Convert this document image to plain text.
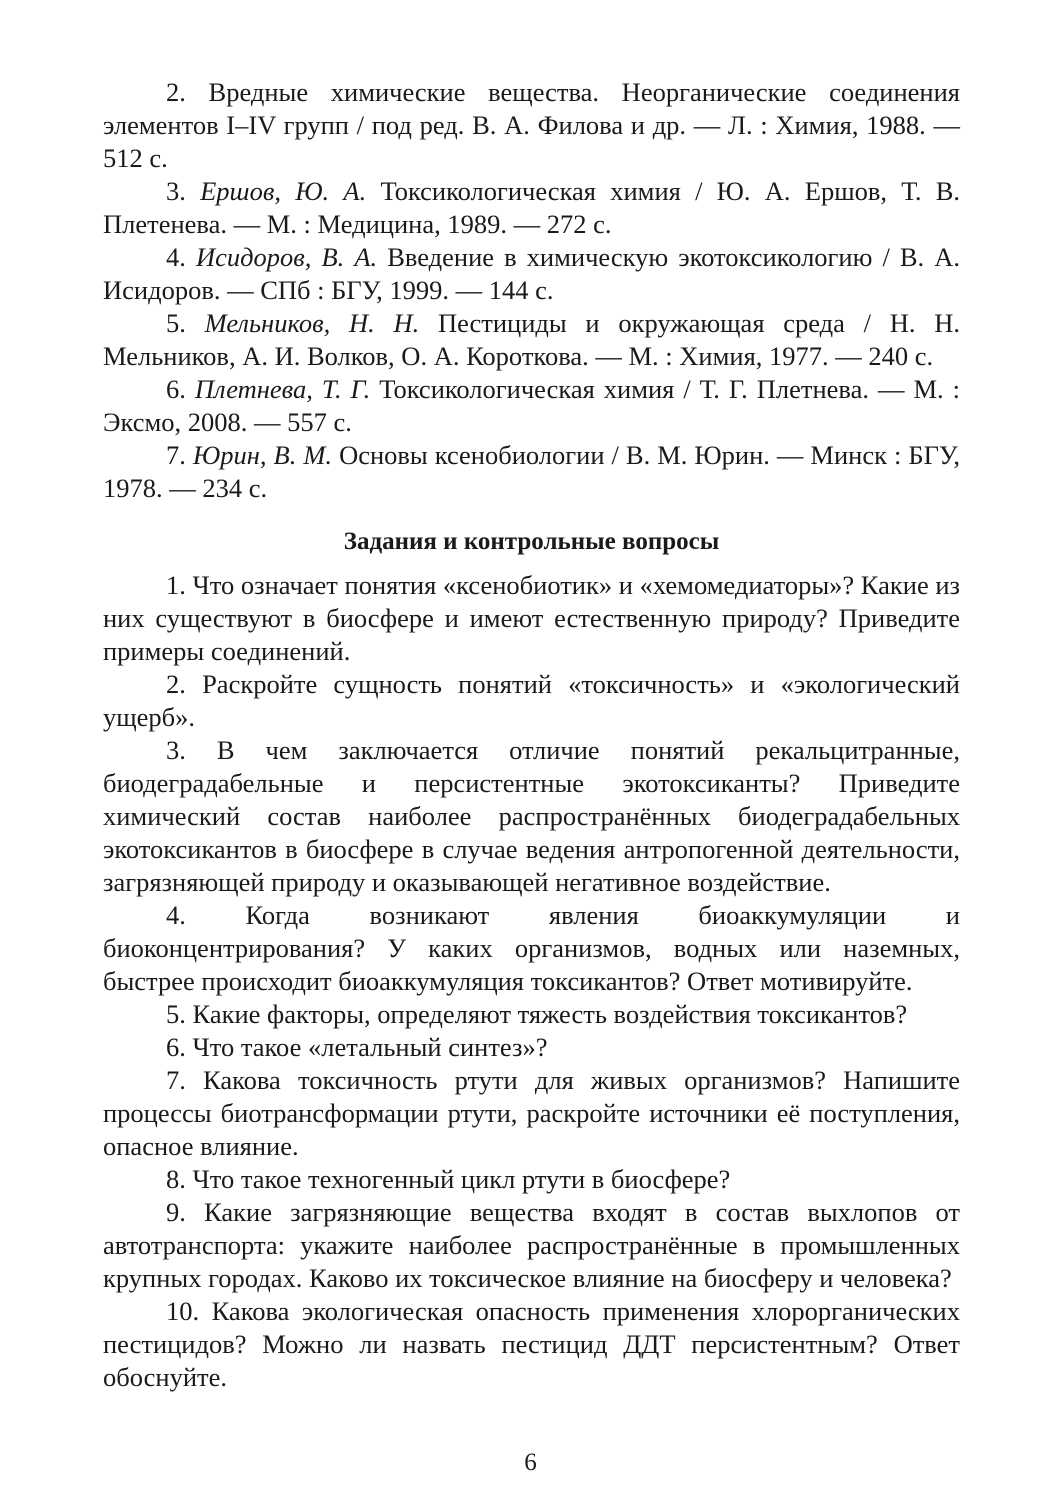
2. Вредные химические вещества. Неорганические соединения элементов I–IV групп / под ред. В. А. Филова и др. — Л. : Химия, 1988. — 512 с.

3. Ершов, Ю. А. Токсикологическая химия / Ю. А. Ершов, Т. В. Плетенева. — М. : Медицина, 1989. — 272 с.

4. Исидоров, В. А. Введение в химическую экотоксикологию / В. А. Исидоров. — СПб : БГУ, 1999. — 144 с.

5. Мельников, Н. Н. Пестициды и окружающая среда / Н. Н. Мельников, А. И. Волков, О. А. Короткова. — М. : Химия, 1977. — 240 с.

6. Плетнева, Т. Г. Токсикологическая химия / Т. Г. Плетнева. — М. : Эксмо, 2008. — 557 с.

7. Юрин, В. М. Основы ксенобиологии / В. М. Юрин. — Минск : БГУ, 1978. — 234 с.

Задания и контрольные вопросы

1. Что означает понятия «ксенобиотик» и «хемомедиаторы»? Какие из них существуют в биосфере и имеют естественную природу? Приведите примеры соединений.

2. Раскройте сущность понятий «токсичность» и «экологический ущерб».

3. В чем заключается отличие понятий рекальцитранные, биодеградабельные и персистентные экотоксиканты? Приведите химический состав наиболее распространённых биодеградабельных экотоксикантов в биосфере в случае ведения антропогенной деятельности, загрязняющей природу и оказывающей негативное воздействие.

4. Когда возникают явления биоаккумуляции и биоконцентрирования? У каких организмов, водных или наземных, быстрее происходит биоаккумуляция токсикантов? Ответ мотивируйте.

5. Какие факторы, определяют тяжесть воздействия токсикантов?

6. Что такое «летальный синтез»?

7. Какова токсичность ртути для живых организмов? Напишите процессы биотрансформации ртути, раскройте источники её поступления, опасное влияние.

8. Что такое техногенный цикл ртути в биосфере?

9. Какие загрязняющие вещества входят в состав выхлопов от автотранспорта: укажите наиболее распространённые в промышленных крупных городах. Каково их токсическое влияние на биосферу и человека?

10. Какова экологическая опасность применения хлорорганических пестицидов? Можно ли назвать пестицид ДДТ персистентным? Ответ обоснуйте.

6
